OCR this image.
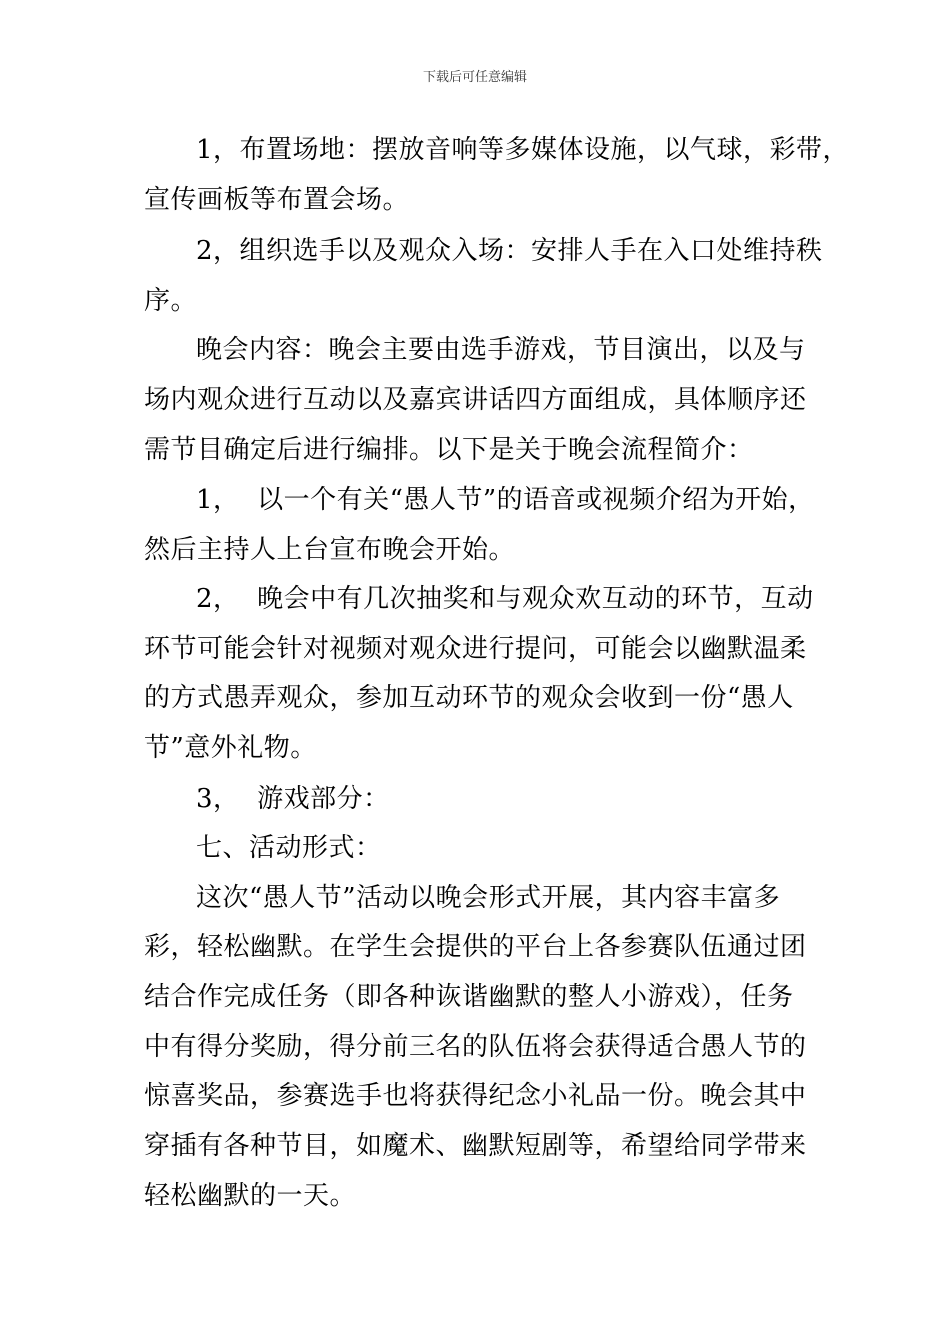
下载后可任意编辑
1，布置场地：摆放音响等多媒体设施，以气球，彩带，
宣传画板等布置会场。
2，组织选手以及观众入场：安排人手在入口处维持秩
序。
晚会内容：晚会主要由选手游戏，节目演出，以及与
场内观众进行互动以及嘉宾讲话四方面组成，具体顺序还
需节目确定后进行编排。以下是关于晚会流程简介：
1，  以一个有关“愚人节”的语音或视频介绍为开始，
然后主持人上台宣布晚会开始。
2，  晚会中有几次抽奖和与观众欢互动的环节，互动
环节可能会针对视频对观众进行提问，可能会以幽默温柔
的方式愚弄观众，参加互动环节的观众会收到一份“愚人
节”意外礼物。
3，  游戏部分：
七、活动形式：
这次“愚人节”活动以晚会形式开展，其内容丰富多
彩，轻松幽默。在学生会提供的平台上各参赛队伍通过团
结合作完成任务（即各种诙谐幽默的整人小游戏），任务
中有得分奖励，得分前三名的队伍将会获得适合愚人节的
惊喜奖品，参赛选手也将获得纪念小礼品一份。晚会其中
穿插有各种节目，如魔术、幽默短剧等，希望给同学带来
轻松幽默的一天。
